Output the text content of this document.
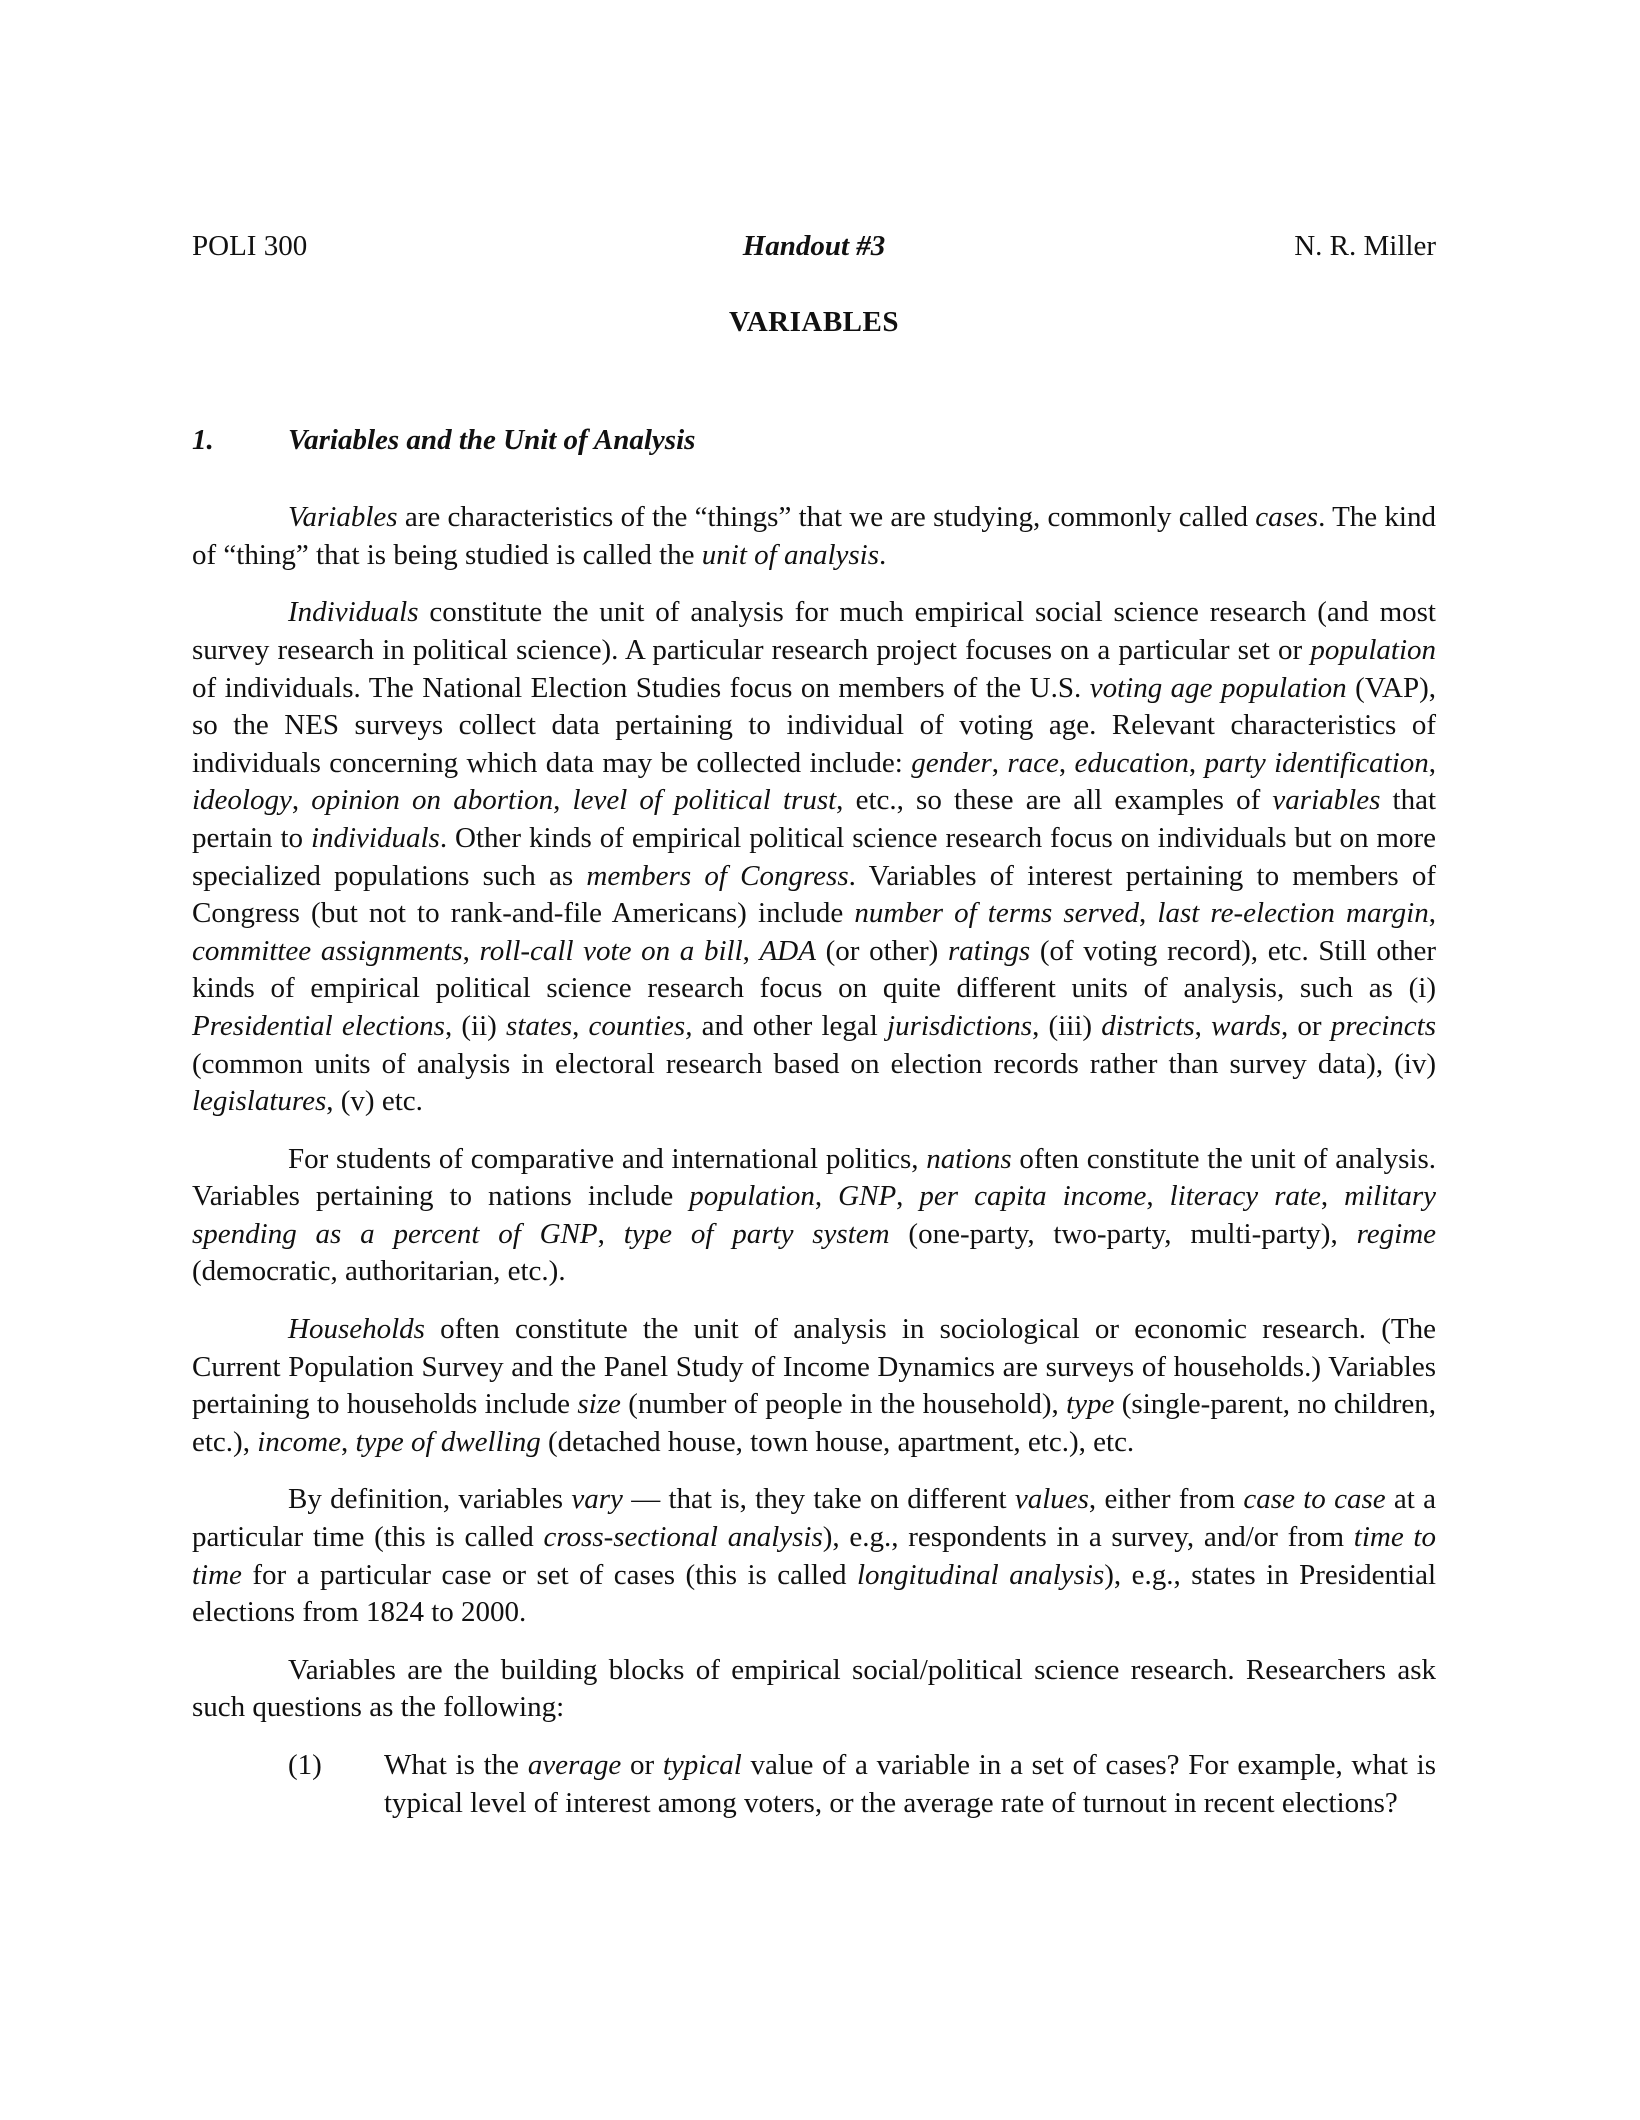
POLI 300	Handout #3	N. R. Miller
VARIABLES
1.	Variables and the Unit of Analysis

Variables are characteristics of the “things” that we are studying, commonly called cases. The kind of “thing” that is being studied is called the unit of analysis.

Individuals constitute the unit of analysis for much empirical social science research (and most survey research in political science). A particular research project focuses on a particular set or population of individuals. The National Election Studies focus on members of the U.S. voting age population (VAP), so the NES surveys collect data pertaining to individual of voting age. Relevant characteristics of individuals concerning which data may be collected include: gender, race, education, party identification, ideology, opinion on abortion, level of political trust, etc., so these are all examples of variables that pertain to individuals. Other kinds of empirical political science research focus on individuals but on more specialized populations such as members of Congress. Variables of interest pertaining to members of Congress (but not to rank-and-file Americans) include number of terms served, last re-election margin, committee assignments, roll-call vote on a bill, ADA (or other) ratings (of voting record), etc. Still other kinds of empirical political science research focus on quite different units of analysis, such as (i) Presidential elections, (ii) states, counties, and other legal jurisdictions, (iii) districts, wards, or precincts (common units of analysis in electoral research based on election records rather than survey data), (iv) legislatures, (v) etc.

For students of comparative and international politics, nations often constitute the unit of analysis. Variables pertaining to nations include population, GNP, per capita income, literacy rate, military spending as a percent of GNP, type of party system (one-party, two-party, multi-party), regime (democratic, authoritarian, etc.).

Households often constitute the unit of analysis in sociological or economic research. (The Current Population Survey and the Panel Study of Income Dynamics are surveys of households.) Variables pertaining to households include size (number of people in the household), type (single-parent, no children, etc.), income, type of dwelling (detached house, town house, apartment, etc.), etc.

By definition, variables vary — that is, they take on different values, either from case to case at a particular time (this is called cross-sectional analysis), e.g., respondents in a survey, and/or from time to time for a particular case or set of cases (this is called longitudinal analysis), e.g., states in Presidential elections from 1824 to 2000.

Variables are the building blocks of empirical social/political science research. Researchers ask such questions as the following:

(1)	What is the average or typical value of a variable in a set of cases? For example, what is typical level of interest among voters, or the average rate of turnout in recent elections?
